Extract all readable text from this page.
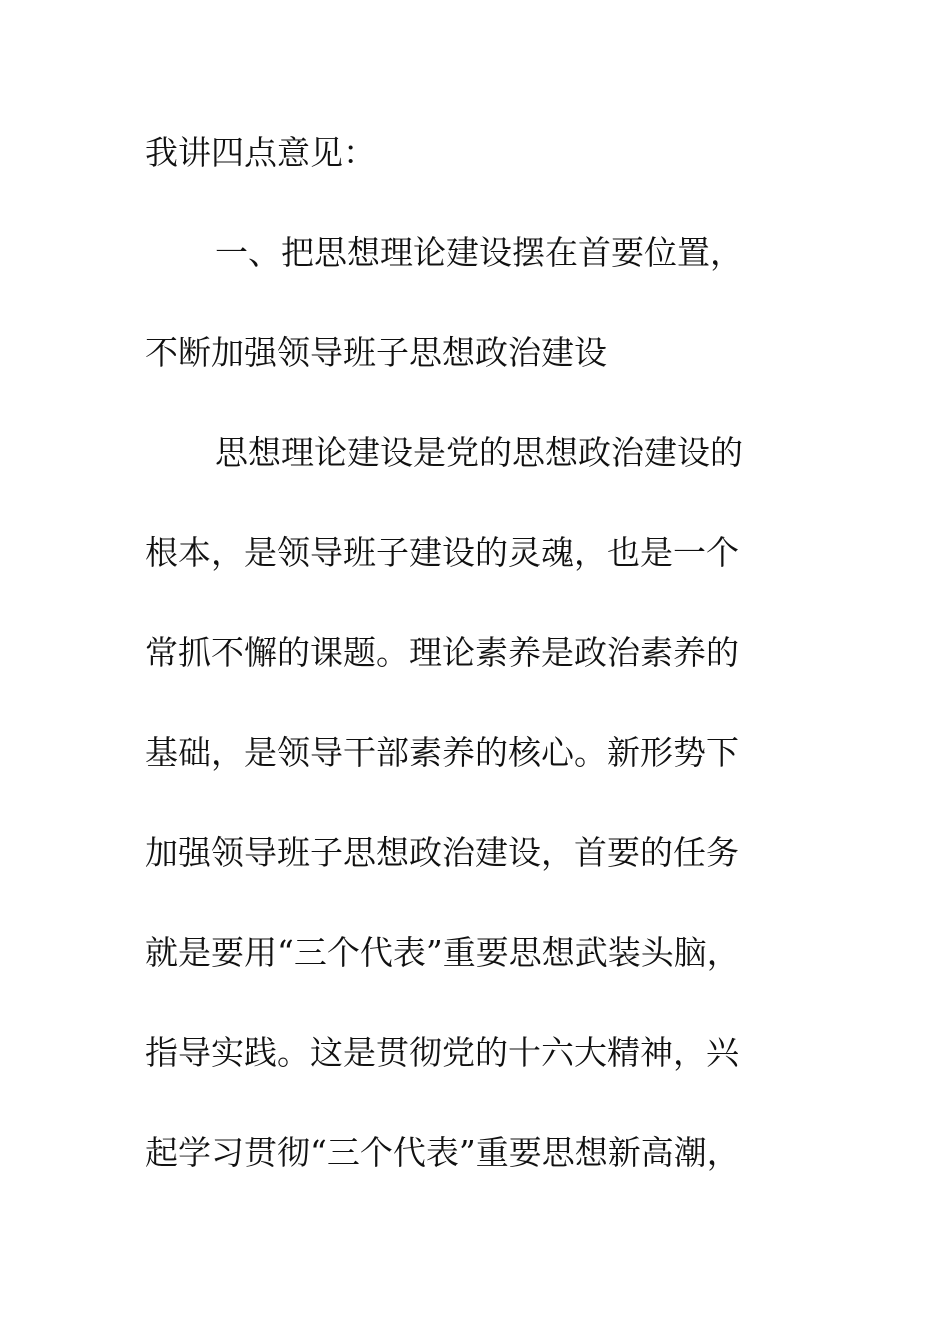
我讲四点意见：
一、把思想理论建设摆在首要位置，
不断加强领导班子思想政治建设
思想理论建设是党的思想政治建设的
根本，是领导班子建设的灵魂，也是一个
常抓不懈的课题。理论素养是政治素养的
基础，是领导干部素养的核心。新形势下
加强领导班子思想政治建设，首要的任务
就是要用“三个代表”重要思想武装头脑，
指导实践。这是贯彻党的十六大精神，兴
起学习贯彻“三个代表”重要思想新高潮，
